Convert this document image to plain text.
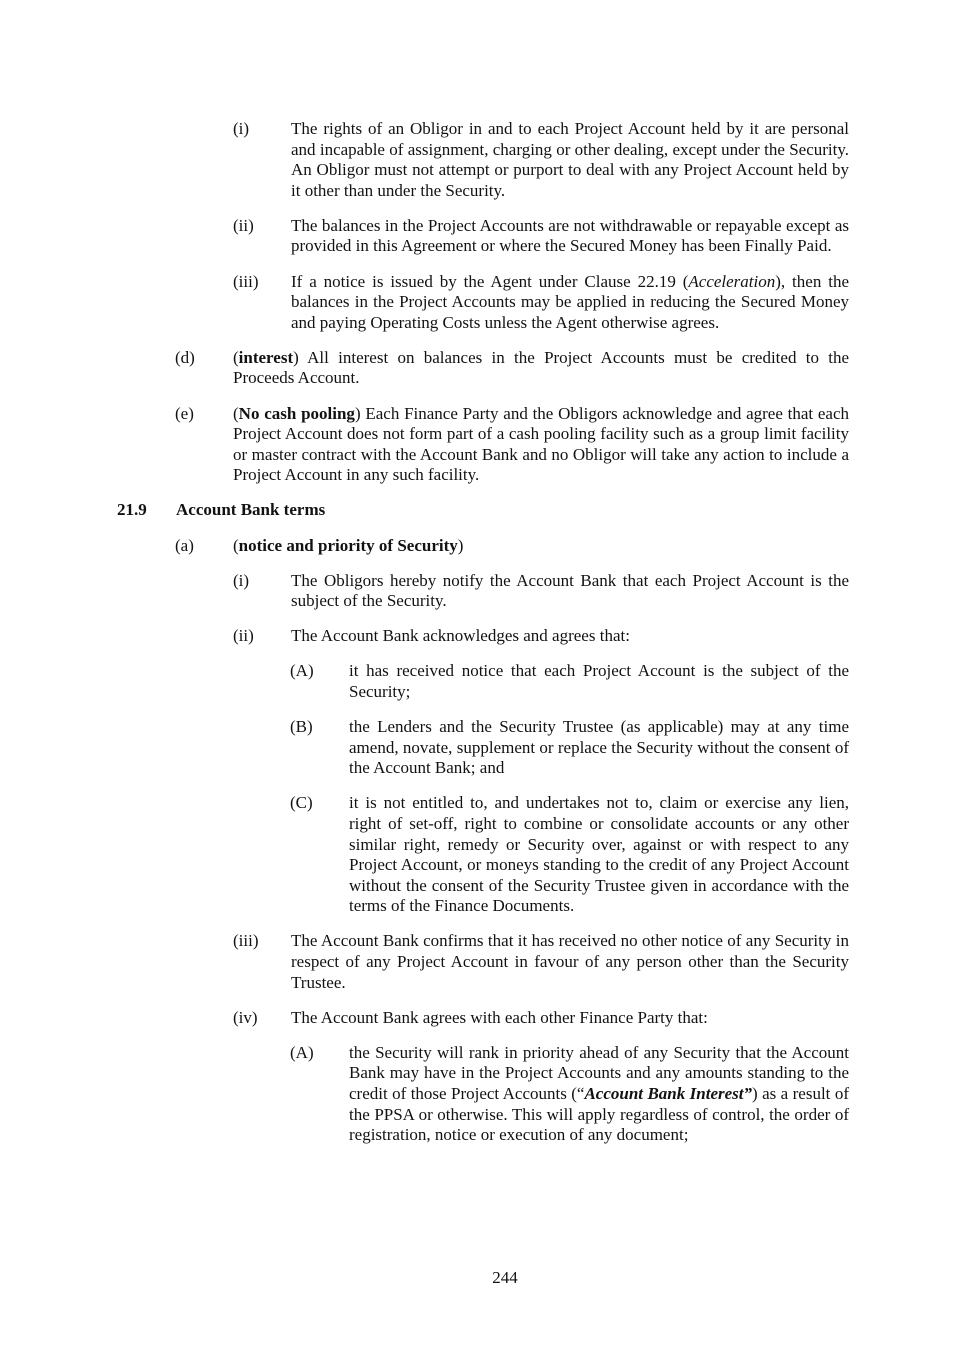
(i)	The rights of an Obligor in and to each Project Account held by it are personal and incapable of assignment, charging or other dealing, except under the Security. An Obligor must not attempt or purport to deal with any Project Account held by it other than under the Security.

(ii)	The balances in the Project Accounts are not withdrawable or repayable except as provided in this Agreement or where the Secured Money has been Finally Paid.

(iii)	If a notice is issued by the Agent under Clause 22.19 (Acceleration), then the balances in the Project Accounts may be applied in reducing the Secured Money and paying Operating Costs unless the Agent otherwise agrees.

(d)	(interest) All interest on balances in the Project Accounts must be credited to the Proceeds Account.

(e)	(No cash pooling) Each Finance Party and the Obligors acknowledge and agree that each Project Account does not form part of a cash pooling facility such as a group limit facility or master contract with the Account Bank and no Obligor will take any action to include a Project Account in any such facility.

21.9	Account Bank terms
(a)	(notice and priority of Security)

(i)	The Obligors hereby notify the Account Bank that each Project Account is the subject of the Security.

(ii)	The Account Bank acknowledges and agrees that:

(A)	it has received notice that each Project Account is the subject of the Security;

(B)	the Lenders and the Security Trustee (as applicable) may at any time amend, novate, supplement or replace the Security without the consent of the Account Bank; and

(C)	it is not entitled to, and undertakes not to, claim or exercise any lien, right of set-off, right to combine or consolidate accounts or any other similar right, remedy or Security over, against or with respect to any Project Account, or moneys standing to the credit of any Project Account without the consent of the Security Trustee given in accordance with the terms of the Finance Documents.

(iii)	The Account Bank confirms that it has received no other notice of any Security in respect of any Project Account in favour of any person other than the Security Trustee.

(iv)	The Account Bank agrees with each other Finance Party that:

(A)	the Security will rank in priority ahead of any Security that the Account Bank may have in the Project Accounts and any amounts standing to the credit of those Project Accounts (“Account Bank Interest”) as a result of the PPSA or otherwise. This will apply regardless of control, the order of registration, notice or execution of any document;

244
